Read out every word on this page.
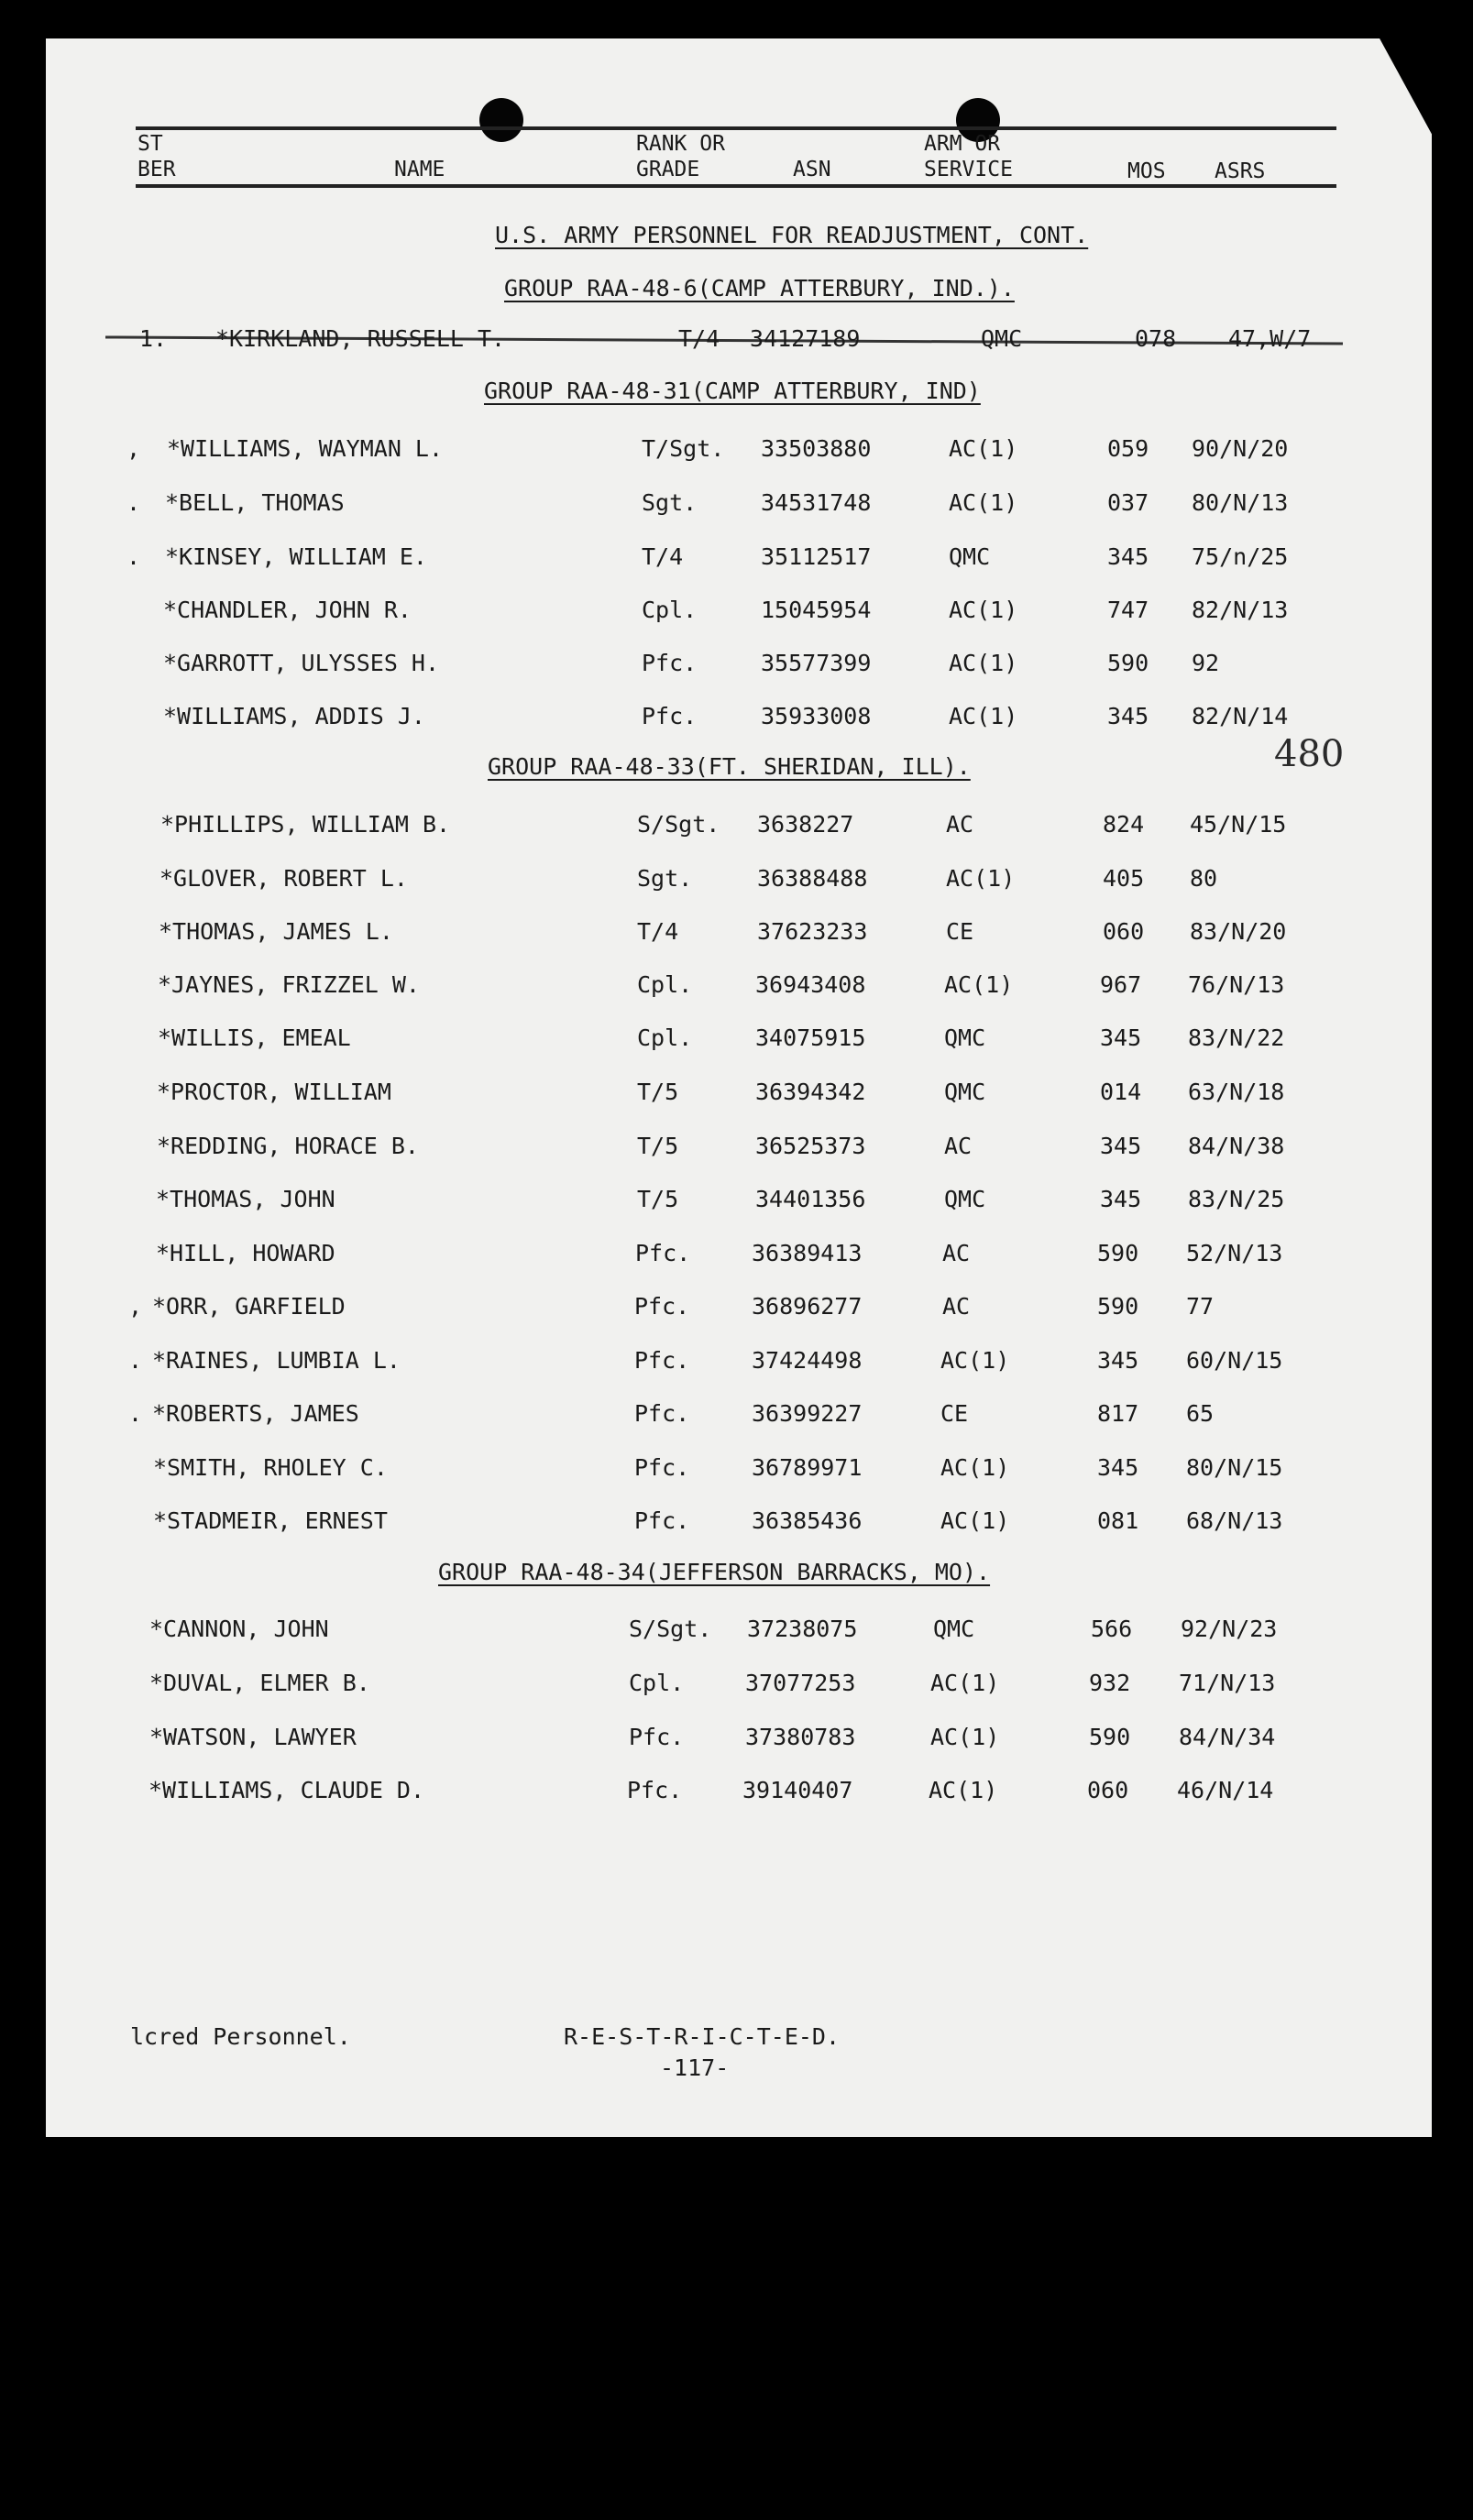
ST
BER	NAME
RANK OR
GRADE	ASN
ARM OR
SERVICE	MOS ASRS
U.S. ARMY PERSONNEL FOR READJUSTMENT, CONT.
GROUP RAA-48-6(CAMP ATTERBURY, IND.).
1. *KIRKLAND, RUSSELL T.	T/4 34127189	QMC	078 47,W/7
GROUP RAA-48-31(CAMP ATTERBURY, IND)
, *WILLIAMS, WAYMAN L.	T/Sgt. 33503880	AC(1)	059 90/N/20
. *BELL, THOMAS	Sgt.	34531748	AC(1)	037 80/N/13
. *KINSEY, WILLIAM E.	T/4	35112517	QMC	345 75/n/25
*CHANDLER, JOHN R.	Cpl.	15045954	AC(1)	747 82/N/13
*GARROTT, ULYSSES H.	Pfc.	35577399	AC(1)	590 92
*WILLIAMS, ADDIS J.	Pfc.	35933008	AC(1)	345 82/N/14
480
GROUP RAA-48-33(FT. SHERIDAN, ILL).
*PHILLIPS, WILLIAM B.	S/Sgt. 3638227	AC	824 45/N/15
*GLOVER, ROBERT L.	Sgt.	36388488	AC(1)	405 80
*THOMAS, JAMES L.	T/4	37623233	CE	060 83/N/20
*JAYNES, FRIZZEL W.	Cpl.	36943408	AC(1)	967 76/N/13
*WILLIS, EMEAL	Cpl.	34075915	QMC	345 83/N/22
*PROCTOR, WILLIAM	T/5	36394342	QMC	014 63/N/18
*REDDING, HORACE B.	T/5	36525373	AC	345 84/N/38
*THOMAS, JOHN	T/5	34401356	QMC	345 83/N/25
*HILL, HOWARD	Pfc.	36389413	AC	590 52/N/13
, *ORR, GARFIELD	Pfc.	36896277	AC	590 77
. *RAINES, LUMBIA L.	Pfc.	37424498	AC(1)	345 60/N/15
. *ROBERTS, JAMES	Pfc.	36399227	CE	817 65
*SMITH, RHOLEY C.	Pfc.	36789971	AC(1)	345 80/N/15
*STADMEIR, ERNEST	Pfc.	36385436	AC(1)	081 68/N/13
GROUP RAA-48-34(JEFFERSON BARRACKS, MO).
*CANNON, JOHN	S/Sgt. 37238075	QMC	566 92/N/23
*DUVAL, ELMER B.	Cpl.	37077253	AC(1)	932 71/N/13
*WATSON, LAWYER	Pfc.	37380783	AC(1)	590 84/N/34
*WILLIAMS, CLAUDE D.	Pfc.	39140407	AC(1)	060 46/N/14
lcred Personnel.	R-E-S-T-R-I-C-T-E-D.
-117-
